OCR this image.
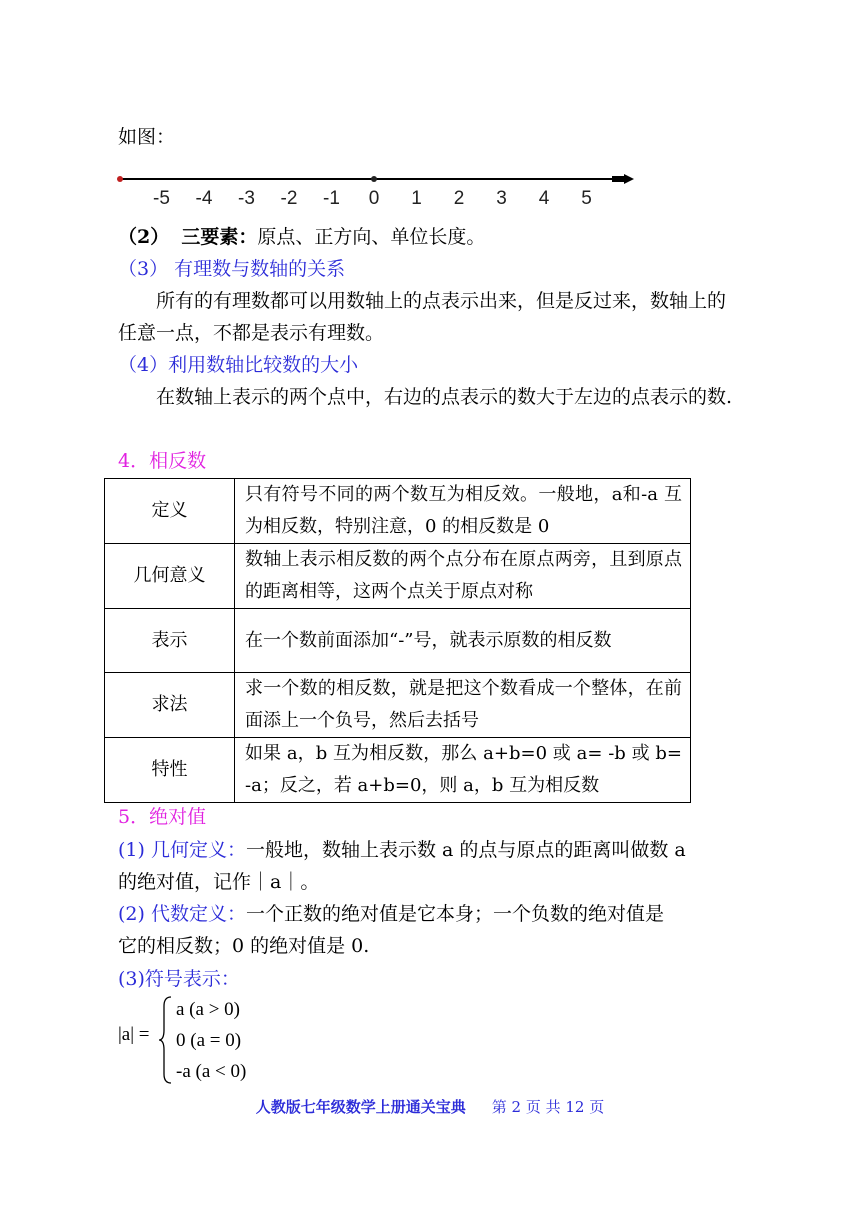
如图：
-5 -4 -3 -2 -1 0 1 2 3 4 5
（2） 三要素：原点、正方向、单位长度。
（3） 有理数与数轴的关系
所有的有理数都可以用数轴上的点表示出来，但是反过来，数轴上的任意一点，不都是表示有理数。
（4）利用数轴比较数的大小
在数轴上表示的两个点中，右边的点表示的数大于左边的点表示的数.
4．相反数
定义	只有符号不同的两个数互为相反效。一般地，a和-a 互为相反数，特别注意，0 的相反数是 0
几何意义	数轴上表示相反数的两个点分布在原点两旁，且到原点的距离相等，这两个点关于原点对称
表示	在一个数前面添加“-”号，就表示原数的相反数
求法	求一个数的相反数，就是把这个数看成一个整体，在前面添上一个负号，然后去括号
特性	如果 a，b 互为相反数，那么 a+b=0 或 a= -b 或 b= -a；反之，若 a+b=0，则 a，b 互为相反数
5．绝对值
(1) 几何定义：一般地，数轴上表示数 a 的点与原点的距离叫做数 a
的绝对值，记作｜a｜。
(2) 代数定义：一个正数的绝对值是它本身；一个负数的绝对值是
它的相反数；0 的绝对值是 0.
(3)符号表示：
|a| =
a (a > 0)
0 (a = 0)
-a (a < 0)
人教版七年级数学上册通关宝典 第 2 页 共 12 页
